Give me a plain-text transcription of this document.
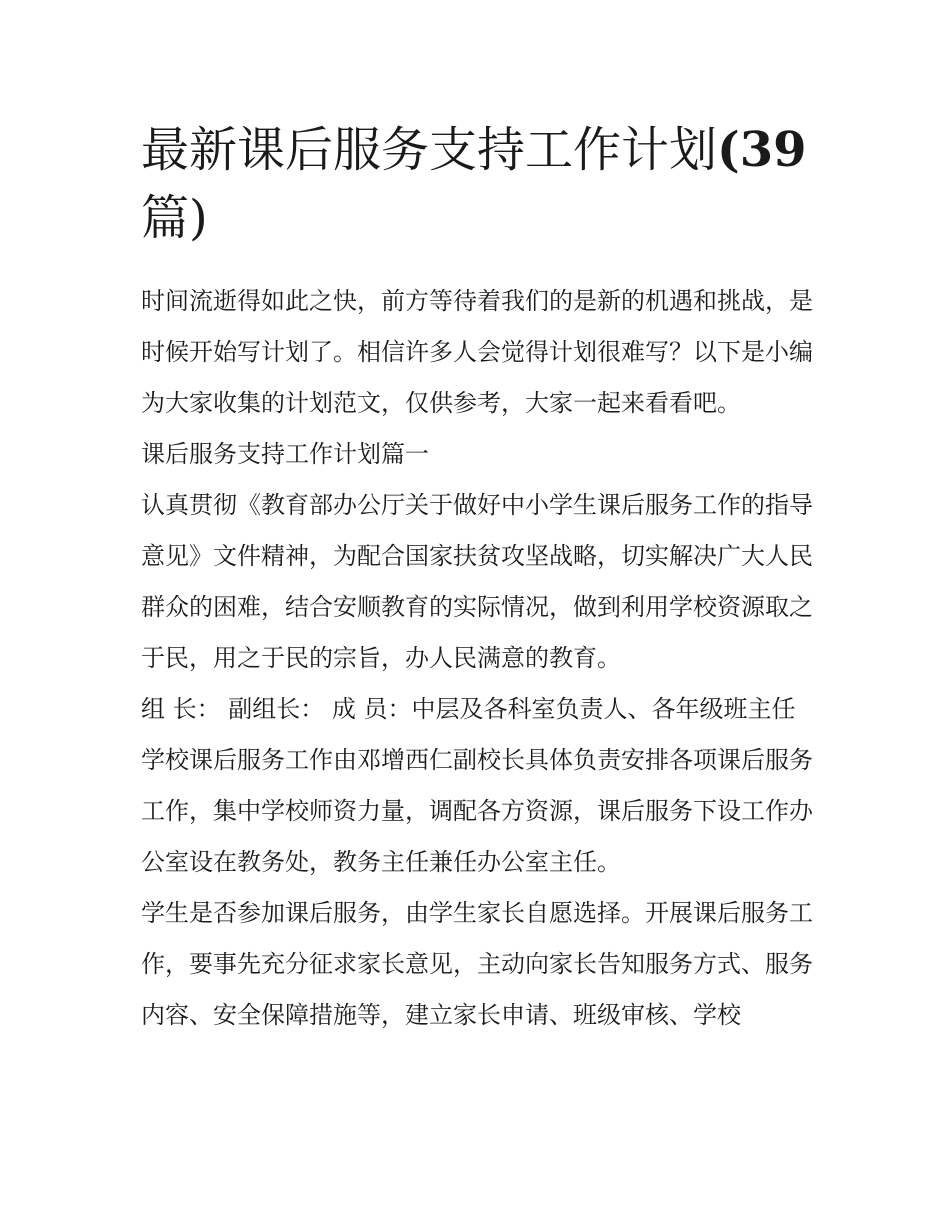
最新课后服务支持工作计划(39
篇)

时间流逝得如此之快，前方等待着我们的是新的机遇和挑战，是时候开始写计划了。相信许多人会觉得计划很难写？以下是小编为大家收集的计划范文，仅供参考，大家一起来看看吧。

课后服务支持工作计划篇一

认真贯彻《教育部办公厅关于做好中小学生课后服务工作的指导意见》文件精神，为配合国家扶贫攻坚战略，切实解决广大人民群众的困难，结合安顺教育的实际情况，做到利用学校资源取之于民，用之于民的宗旨，办人民满意的教育。

组 长： 副组长： 成 员：中层及各科室负责人、各年级班主任

学校课后服务工作由邓增西仁副校长具体负责安排各项课后服务工作，集中学校师资力量，调配各方资源，课后服务下设工作办公室设在教务处，教务主任兼任办公室主任。

学生是否参加课后服务，由学生家长自愿选择。开展课后服务工作，要事先充分征求家长意见，主动向家长告知服务方式、服务内容、安全保障措施等，建立家长申请、班级审核、学校
